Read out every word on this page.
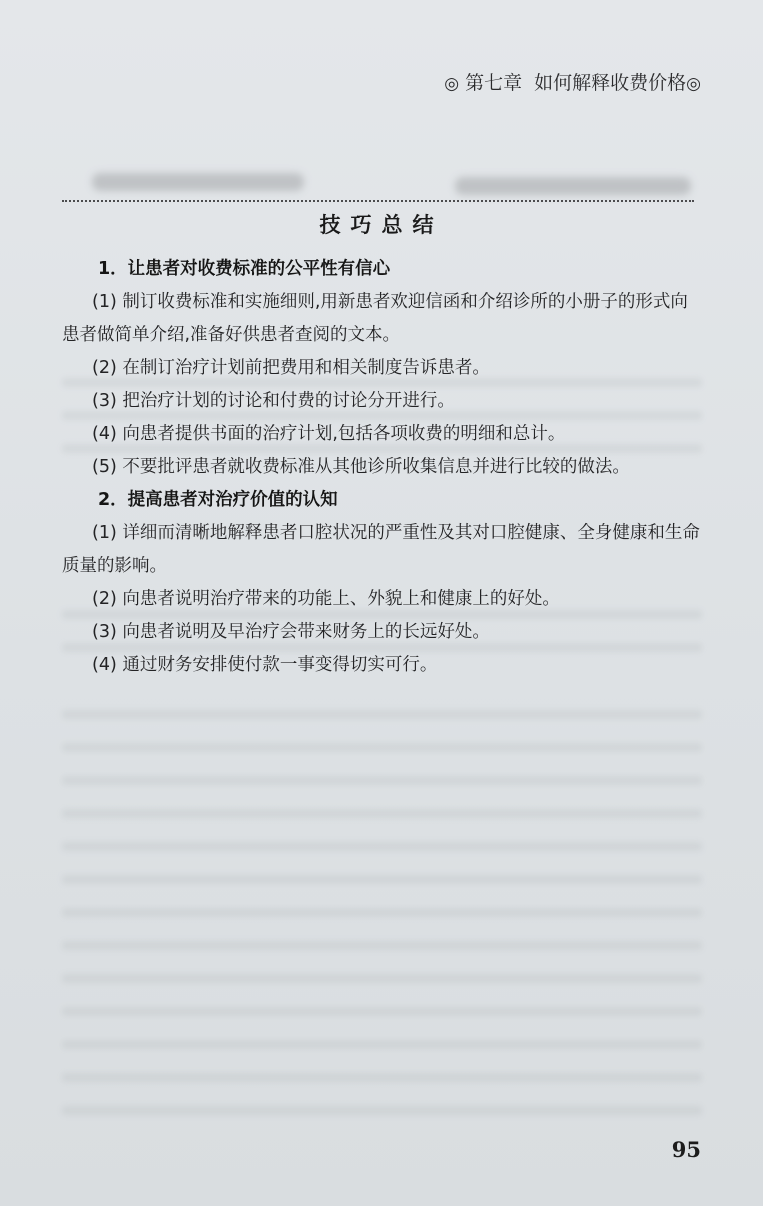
◎ 第七章 如何解释收费价格◎
技巧总结

1．让患者对收费标准的公平性有信心

(1) 制订收费标准和实施细则,用新患者欢迎信函和介绍诊所的小册子的形式向患者做简单介绍,准备好供患者查阅的文本。

(2) 在制订治疗计划前把费用和相关制度告诉患者。

(3) 把治疗计划的讨论和付费的讨论分开进行。

(4) 向患者提供书面的治疗计划,包括各项收费的明细和总计。

(5) 不要批评患者就收费标准从其他诊所收集信息并进行比较的做法。

2．提高患者对治疗价值的认知

(1) 详细而清晰地解释患者口腔状况的严重性及其对口腔健康、全身健康和生命质量的影响。

(2) 向患者说明治疗带来的功能上、外貌上和健康上的好处。

(3) 向患者说明及早治疗会带来财务上的长远好处。

(4) 通过财务安排使付款一事变得切实可行。

95
